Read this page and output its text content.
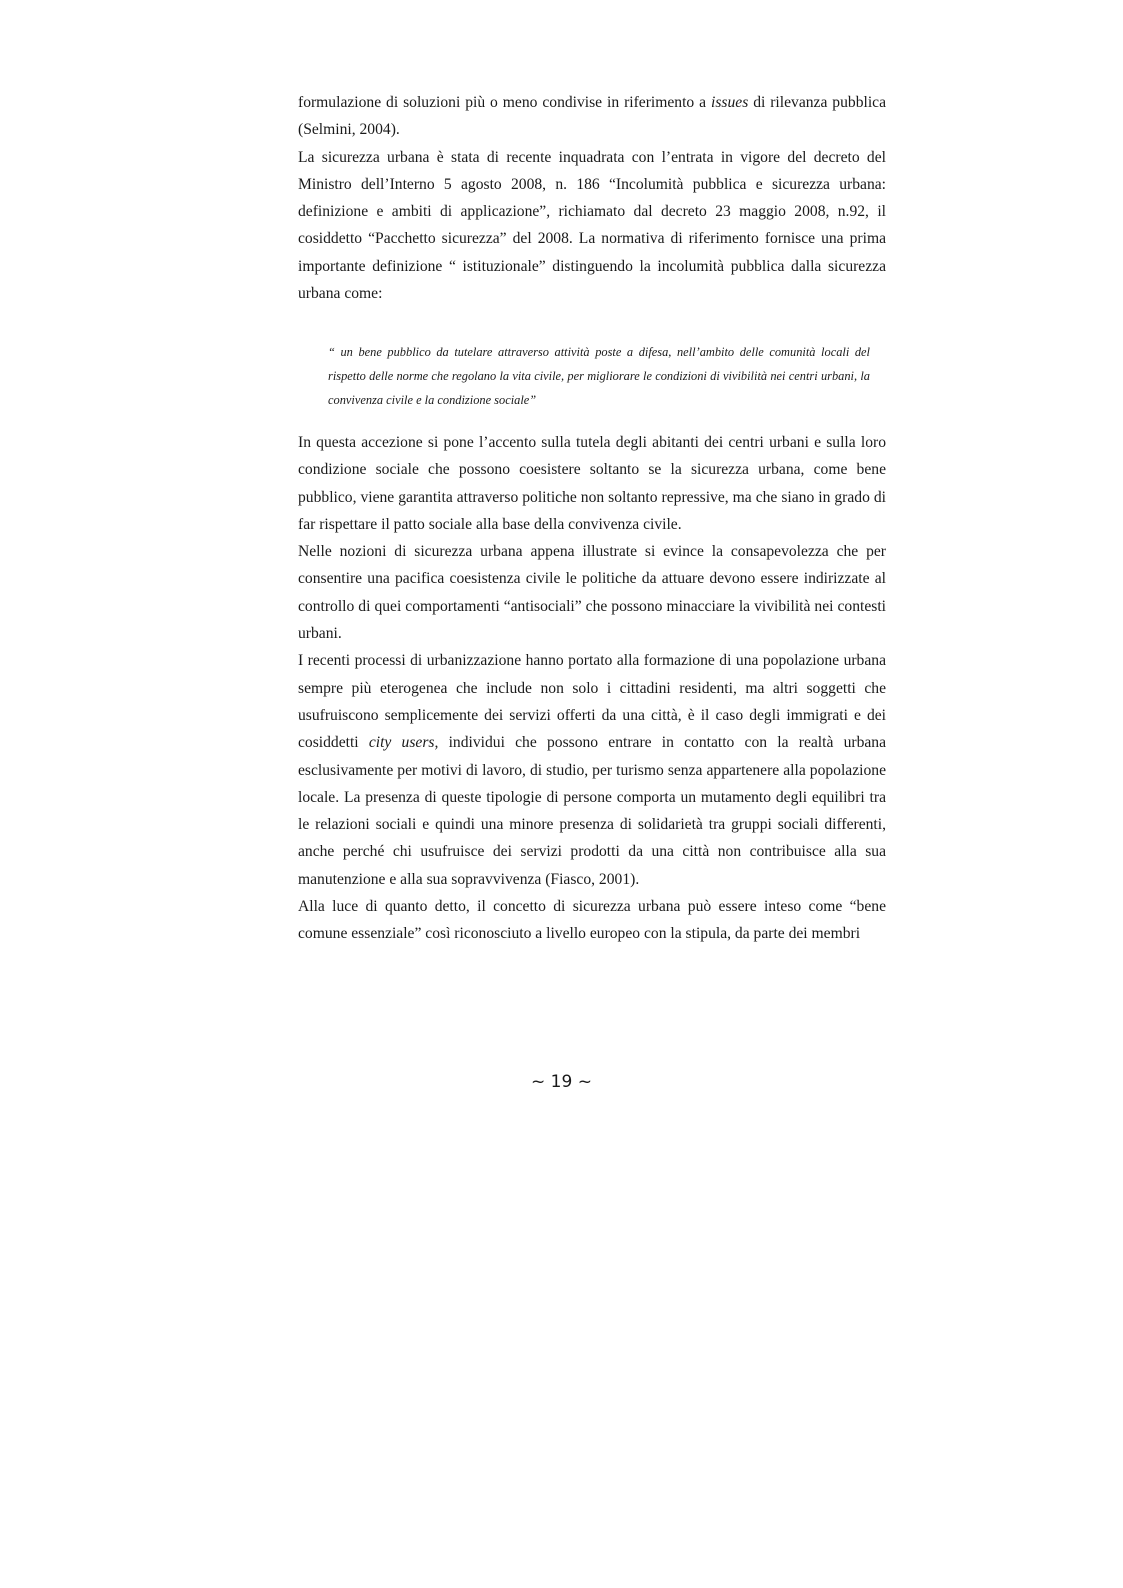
formulazione di soluzioni più o meno condivise in riferimento a issues di rilevanza pubblica (Selmini, 2004).

La sicurezza urbana è stata di recente inquadrata con l’entrata in vigore del decreto del Ministro dell’Interno 5 agosto 2008, n. 186 “Incolumità pubblica e sicurezza urbana: definizione e ambiti di applicazione”, richiamato dal decreto 23 maggio 2008, n.92, il cosiddetto “Pacchetto sicurezza” del 2008. La normativa di riferimento fornisce una prima importante definizione “ istituzionale” distinguendo la incolumità pubblica dalla sicurezza urbana come:

“ un bene pubblico da tutelare attraverso attività poste a difesa, nell’ambito delle comunità locali del rispetto delle norme che regolano la vita civile, per migliorare le condizioni di vivibilità nei centri urbani, la convivenza civile e la condizione sociale”

In questa accezione si pone l’accento sulla tutela degli abitanti dei centri urbani e sulla loro condizione sociale che possono coesistere soltanto se la sicurezza urbana, come bene pubblico, viene garantita attraverso politiche non soltanto repressive, ma che siano in grado di far rispettare il patto sociale alla base della convivenza civile.

Nelle nozioni di sicurezza urbana appena illustrate si evince la consapevolezza che per consentire una pacifica coesistenza civile le politiche da attuare devono essere indirizzate al controllo di quei comportamenti “antisociali” che possono minacciare la vivibilità nei contesti urbani.

I recenti processi di urbanizzazione hanno portato alla formazione di una popolazione urbana sempre più eterogenea che include non solo i cittadini residenti, ma altri soggetti che usufruiscono semplicemente dei servizi offerti da una città, è il caso degli immigrati e dei cosiddetti city users, individui che possono entrare in contatto con la realtà urbana esclusivamente per motivi di lavoro, di studio, per turismo senza appartenere alla popolazione locale. La presenza di queste tipologie di persone comporta un mutamento degli equilibri tra le relazioni sociali e quindi una minore presenza di solidarietà tra gruppi sociali differenti, anche perché chi usufruisce dei servizi prodotti da una città non contribuisce alla sua manutenzione e alla sua sopravvivenza (Fiasco, 2001).

Alla luce di quanto detto, il concetto di sicurezza urbana può essere inteso come “bene comune essenziale” così riconosciuto a livello europeo con la stipula, da parte dei membri

~ 19 ~
